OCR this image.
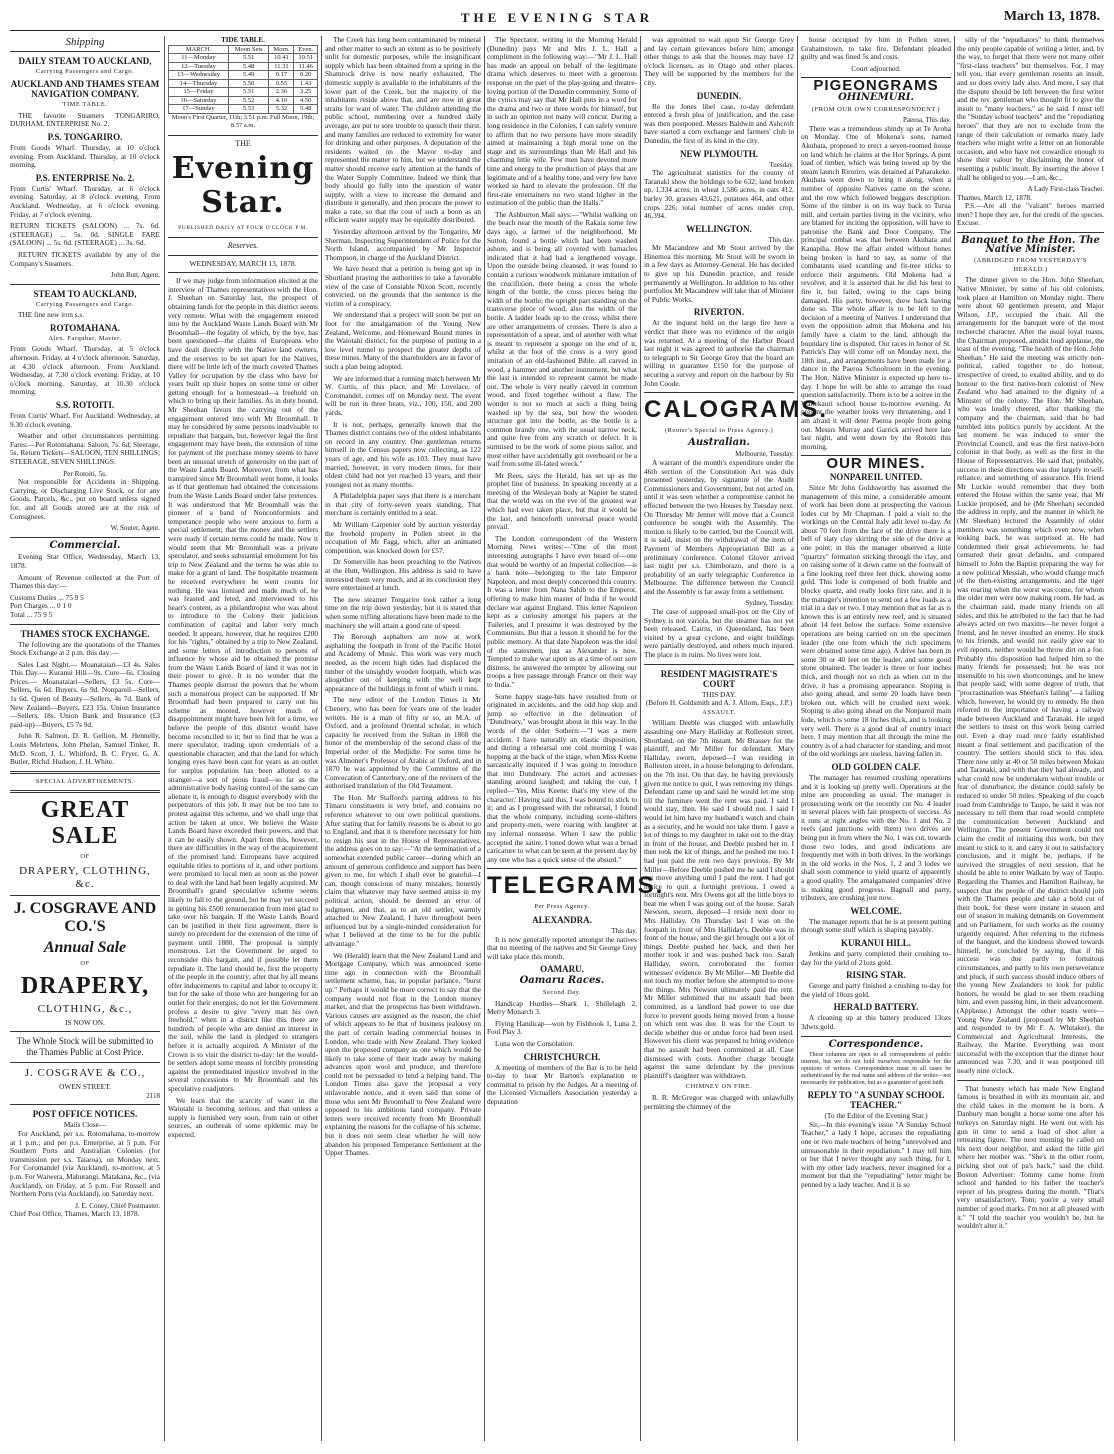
THE EVENING STAR	March 13, 1878.
Shipping
DAILY STEAM TO AUCKLAND,
Carrying Passengers and Cargo.
AUCKLAND AND THAMES STEAM NAVIGATION COMPANY.
TIME TABLE.

THE favorite Steamers TONGARIRO, DURHAM, ENTERPRISE No. 2.

P.S. TONGARIRO.

From Goods Wharf. Thursday, at 10 o'clock evening. From Auckland. Thursday, at 10 o'clock morning.

P.S. ENTERPRISE No. 2.

From Curtis' Wharf. Thursday, at 6 o'clock evening. Saturday, at 8 o'clock evening. From Auckland. Wednesday, at 6 o'clock evening. Friday, at 7 o'clock evening.

RETURN TICKETS (SALOON) ... 7s. 6d. (STEERAGE) ... 5s. 0d. SINGLE FARE (SALOON) ... 5s. 0d. (STEERAGE) ... 3s. 6d.

RETURN TICKETS available by any of the Company's Steamers.

John Butt, Agent.
STEAM TO AUCKLAND,
Carrying Passengers and Cargo.

THE fine new iron s.s.

ROTOMAHANA.
Alex. Farquhar, Master.

From Goods Wharf. Thursday, at 5 o'clock afternoon. Friday, at 4 o'clock afternoon. Saturday, at 4.30 o'clock afternoon. From Auckland. Wednesday, at 7.30 o'clock evening. Friday, at 10 o'clock morning. Saturday, at 10.30 o'clock morning.

S.S. ROTOITI.

From Curtis' Wharf. For Auckland. Wednesday, at 9.30 o'clock evening.

Weather and other circumstances permitting. Fares:—Per Rotomahana: Saloon, 7s. 6d; Steerage, 5s. Return Tickets—SALOON, TEN SHILLINGS; STEERAGE, SEVEN SHILLINGS.

Per Rotoiti, 5s.

Not responsible for Accidents in Shipping, Carrying, or Discharging Live Stock, or for any Goods, Parcels, &c., put on board unless signed for, and all Goods stored are at the risk of Consignees.

W. Souter, Agent.
Commercial.

Evening Star Office, Wednesday, March 13, 1878.

Amount of Revenue collected at the Port of Thames this day:—

Customs Duties ... 75 9 5
Port Charges ... 0 1 0
Total ... 75 9 5
THAMES STOCK EXCHANGE.

The following are the quotations of the Thames Stock Exchange at 2 p.m. this day:—

Sales Last Night.— Moanataiari—£3 4s. Sales This Day.— Kuranui Hill—9s. Cure—6s. Closing Prices.— Moanataiari—Sellers, £3 5s. Cure—Sellers, 6s 6d. Buyers, 6s 9d. Nonpareil—Sellers, 1s 6d. Queen of Beauty—Sellers, 4s 7d. Bank of New Zealand—Buyers, £23 15s. Union Insurance—Sellers, 18s. Union Bank and Insurance (£3 paid-up)—Buyers, £5 7s 9d.

John R. Salmon, D. R. Gellion, M. Hennelly, Louis Mehrtens, John Phelan, Samuel Tinker, R. McD. Scott, J. L. Whitford, B. C. Fryer, G. A. Butler, Richd. Hudson, J. H. White.

SPECIAL ADVERTISEMENTS.
GREAT SALE
OF
DRAPERY, CLOTHING, &c.
J. COSGRAVE AND CO.'S
Annual Sale
OF
DRAPERY,
CLOTHING, &c.,
IS NOW ON.

The Whole Stock will be submitted to the Thames Public at Cost Price.

J. COSGRAVE & CO.,
OWEN STREET.
2118
POST OFFICE NOTICES.
Mails Close—

For Auckland, per s.s. Rotomahana, to-morrow at 1 p.m.; and per p.s. Enterprise, at 5 p.m. For Southern Ports and Australian Colonies (for transmission per s.s. Taiaroa), on Monday next. For Coromandel (via Auckland), to-morrow, at 5 p.m. For Waiwera, Mahurangi, Matakana, &c., (via Auckland), on Friday, at 5 p.m. For Russell and Northern Ports (via Auckland), on Saturday next.

J. E. Coney, Chief Postmaster.
Chief Post Office, Thames, March 13, 1878.
TIDE TABLE.
MARCH.	Moon Sets	Morn.	Even.
11—Monday	5.51	10.41	10.51
12—Tuesday	5.48	11.31	11.46
13—Wednesday	5.49	0.17	0.20
14—Thursday	5.50	0.55	1.43
15—Friday	5.51	2.36	3.25
16—Saturday	5.52	4.10	4.50
17—Sunday	5.53	5.32	5.48
Moon's First Quarter, 11th; 3.51 p.m. Full Moon, 19th; 8.57 a.m.
THE
Evening Star.
PUBLISHED DAILY AT FOUR O'CLOCK P.M.
Reserves.
WEDNESDAY, MARCH 13, 1878.

If we may judge from information elicited at the interview of Thames representatives with the Hon. J. Sheehan on Saturday last, the prospect of obtaining lands for the people in this district seems very remote. What with the engagement entered into by the Auckland Waste Lands Board with Mr Broomhall—the legality of which, by the bye, has been questioned—the claims of Europeans who have dealt directly with the Native land owners, and the reserves to be set apart for the Natives, there will be little left of the much coveted Thames Valley for occupation by the class who have for years built up their hopes on some time or other getting enough for a homestead—a freehold on which to bring up their families. As in duty bound, Mr Sheehan favors the carrying out of the engagement entered into with Mr Broomhall. It may be considered by some persons inadvisable to repudiate that bargain, but, however legal the first engagement may have been, the extension of time for payment of the purchase money seems to have been an unusual stretch of generosity on the part of the Waste Lands Board. Moreover, from what has transpired since Mr Broomhall went home, it looks as if that gentleman had obtained the concessions from the Waste Lands Board under false pretences. It was understood that Mr Broomhall was the pioneer of a band of Nonconformists and temperance people who were anxious to form a special settlement; that the money and the settlers were ready if certain terms could be made. Now it would seem that Mr Broomhall was a private speculator, and seeks substantial emolument for his trip to New Zealand and the terms he was able to make for a grant of land. The hospitable treatment he received everywhere he went counts for nothing. He was lionised and made much of, he was feasted and feted, and interviewed to his heart's content, as a philanthropist who was about to introduce to the Colony their judicious combination of capital and labor very much needed. It appears, however, that he requires £200 for his "rights," obtained by a trip to New Zealand, and some letters of introduction to persons of influence by whose aid he obtained the promise from the Waste Lands Board of land it was not in their power to give. It is no wonder that the Thames people distrust the powers that he whom such a monstrous project can be supported. If Mr Broomhall had been prepared to carry out his scheme as mooted, however much of disappointment might have been felt for a time, we believe the people of this district would have become reconciled to it; but to find that he was a mere speculator, trading upon credentials of a questionable character; and that the land for which longing eyes have been cast for years as an outlet for surplus population has been allotted to a stranger—a sort of pious fraud—so far as the administrative body having control of the same can alienate it, is enough to disgust everybody with the perpetrators of this job. It may not be too late to protest against this scheme, and we shall urge that action be taken at once. We believe the Waste Lands Board have exceeded their powers, and that it can be easily shown. Apart from this, however, there are difficulties in the way of the acquirement of the promised land. Europeans have acquired equitable titles to portions of it, and other portions were promised to local men as soon as the power to deal with the land had been legally acquired. Mr Broomhall's grand speculative scheme seems likely to fall to the ground, but he may yet succeed in getting his £500 remuneration from men glad to take over his bargain. If the Waste Lands Board can be justified in their first agreement, there is surely no precedent for the extension of the time of payment until 1880. The proposal is simply monstrous. Let the Government be urged to reconsider this bargain, and if possible let them repudiate it. The land should be, first the property of the people in the country; after that by all means offer inducements to capital and labor to occupy it; but for the sake of those who are hungering for an outlet for their energies, do not let the Government profess a desire to give "every man his own freehold," when in a district like this there are hundreds of people who are denied an interest in the soil, while the land is pledged to strangers before it is actually acquired. A Minister of the Crown is to visit the district to-day: let the would-be settlers adopt some means of forcibly protesting against the premeditated injustice involved in the several concessions to Mr Broomhall and his speculative coadjutors.

We learn that the scarcity of water in the Waiotahi is becoming serious, and that unless a supply is furnished very soon, from rain or other sources, an outbreak of some epidemic may be expected.

The Creek has long been contaminated by mineral and other matter to such an extent as to be positively unfit for domestic purposes, while the insignificant supply which has been obtained from a spring in the Shamrock drive is now nearly exhausted. The domestic supply is available to the inhabitants of the lower part of the Creek, but the majority of the inhabitants reside above that, and are now in great straits for want of water. The children attending the public school, numbering over a hundred daily average, are put to sore trouble to quench their thirst, and many families are reduced to extremity for water for drinking and other purposes. A deputation of the residents waited on the Mayor to-day and represented the matter to him, but we understand the matter should receive early attention at the hands of the Water Supply Committee. Indeed we think that body should go fully into the question of water supply, with a view to increase the demand and distribute it generally, and then procure the power to make a rate, so that the cost of such a boon as an efficient water supply may be equitably distributed.

Yesterday afternoon arrived by the Tongariro, Mr Sherman, Inspecting Superintendent of Police for the North Island, accompanied by Mr Inspector Thompson, in charge of the Auckland District.

We have heard that a petition is being got up in Shortland praying the authorities to take a favorable view of the case of Constable Nixon Scott, recently convicted, on the grounds that the sentence is the victim of a conspiracy.

We understand that a project will soon be put on foot for the amalgamation of the Young New Zealand, Welcome, and Homeward Bound mines in the Waiotahi district, for the purpose of putting in a low level tunnel to prospect the greater depths of these mines. Many of the shareholders are in favor of such a plan being adopted.

We are informed that a running match between Mr W. Curtis, of this place, and Mr Lovelace, of Coromandel, comes off on Monday next. The event will be run in three heats, viz., 100, 150, and 200 yards.

It is not, perhaps, generally known that the Thames district contains two of the oldest inhabitants on record in any country. One gentleman returns himself in the Census papers now collecting, as 122 years of age, and his wife as 103. They must have married, however, in very modern times, for their oldest child had not yet reached 13 years, and their youngest not as many months.

A Philadelphia paper says that there is a merchant in that city of forty-seven years standing. That merchant is certainly entitled to a seat.

Mr William Carpenter sold by auction yesterday the freehold property in Pollen street in the occupation of Mr Fagg, which, after an animated competition, was knocked down for £57.

Dr Somerville has been preaching to the Natives at the Hutt, Wellington. His address is said to have interested them very much, and at its conclusion they were entertained at lunch.

The new steamer Tongariro took rather a long time on the trip down yesterday, but it is stated that when some trifling alterations have been made to the machinery she will attain a good rate of speed.

The Borough asphalters are now at work asphalting the footpath in front of the Pacific Hotel and Academy of Music. This work was very much needed, as the recent high tides had displaced the timber of the unsightly wooden footpath, which was altogether out of keeping with the well kept appearance of the buildings in front of which it runs.

The new editor of the London Times is Mr Chenery, who has been for years one of the leader writers. He is a man of fifty or so, an M.A. of Oxford, and a profound Oriental scholar, in which capacity he received from the Sultan in 1868 the honor of the membership of the second class of the Imperial order of the Medjidie. For some time he was Almoner's Professor of Arabic at Oxford, and in 1870 he was appointed by the Committee of the Convocation of Canterbury, one of the revisers of the authorised translation of the Old Testament.

The Hon. Mr Stafford's parting address to his Timaru constituents is very brief, and contains no reference whatever to our own political questions. After stating that for family reasons he is about to go to England, and that it is therefore necessary for him to resign his seat in the House of Representatives, the address goes on to say:—"At the termination of a somewhat extended public career—during which an amount of generous confidence and support has been given to me, for which I shall ever be grateful—I can, though conscious of many mistakes, honestly claim that whatever may have seemed amiss in my political action, should be deemed an error of judgment, and that, as to an old settler, warmly attached to New Zealand, I have throughout been influenced but by a single-minded consideration for what I believed at the time to be for the public advantage."

We (Herald) learn that the New Zealand Land and Mortgage Company, which was announced some time ago in connection with the Broomhall settlement scheme, has, in popular parlance, "burst up." Perhaps it would be more correct to say that the company would not float in the London money market, and that the prospectus has been withdrawn. Various causes are assigned as the reason, the chief of which appears to be that of business jealousy on the part of certain leading commercial houses in London, who trade with New Zealand. They looked upon the proposed company as one which would be likely to take some of their trade away by making advances upon wool and produce, and therefore could not be persuaded to lend a helping hand. The London Times also gave the proposal a very unfavorable notice, and it even said that some of those who sent Mr Broomhall to New Zealand were opposed to his ambitious land company. Private letters were received recently from Mr Broomhall explaining the reasons for the collapse of his scheme, but it does not seem clear whether he will now abandon his proposed Temperance Settlement at the Upper Thames.

The Spectator, writing in the Morning Herald (Dunedin) pays Mr and Mrs J. L. Hall a compliment in the following way:—"Mr J. L. Hall has made an appeal on behalf of the legitimate drama which deserves to meet with a generous response on the part of the play-going and theatre-loving portion of the Dunedin community. Some of the cynics may say that Mr Hall puts in a word for the drama and two or three words for himself, but in such an opinion not many will concur. During a long residence in the Colonies, I can safely venture to affirm that no two persons have more steadily aimed at maintaining a high moral tone on the stage and its surroundings than Mr Hall and his charming little wife. Few men have devoted more time and energy to the production of plays that are legitimate and of a healthy tone, and very few have worked so hard to elevate the profession. Of the first-rate entertainers no two stand higher in the estimation of the public than the Halls."

The Ashburton Mail says:—"Whilst walking on the beach near the mouth of the Rakaia some few days ago, a farmer of the neighborhood, Mr Sutton, found a bottle which had been washed ashore, and is being all covered with barnacles indicated that it had had a lengthened voyage. Upon the outside being cleansed, it was found to contain a curious woodwork miniature imitation of the crucifixion, there being a cross the whole length of the bottle, the cross pieces being the width of the bottle; the upright part standing on the transverse piece of wood, also the width of the bottle. A ladder leads up to the cross, whilst there are other arrangements of crosses. There is also a representation of a spear, and of another with what is meant to represent a sponge on the end of it, whilst at the foot of the cross is a very good imitation of an old-fashioned Bible, all carved in wood, a hammer and another instrument, but what the last is intended to represent cannot be made out. The whole is very neatly carved in common wood, and fixed together without a flaw. The wonder is not so much at such a thing being washed up by the sea, but how the wooden structure got into the bottle, as the bottle is a common brandy one, with the usual narrow neck, and quite free from any scratch or defect. It is surmised to be the work of some pious sailor, and most either have accidentally got overboard or be a waif from some ill-fated wreck."

Mr Rees, says the Herald, has set up as the prophet line of business. In speaking recently at a meeting of the Wesleyan body at Napier he stated that the world was on the eve of the greatest war which had ever taken place, but that it would be the last, and henceforth universal peace would prevail.

The London correspondent of the Western Morning News writes:—"One of the most interesting autographs I have ever heard of—one that would be worthy of an imperial collection—is a bank note—belonging to the late Emperor Napoleon, and most deeply concerned this country. It was a letter from Nana Sahib to the Emperor, offering to make him master of India if he would declare war against England. This letter Napoleon kept as a curiosity amongst his papers at the Tuileries, and I presume it was destroyed by the Communists. But that a lesson it should be for the public memory. At that date Napoleon was the idol of the statesmen, just as Alexander is now. Tempted to make war upon us at a time of our sore distress, he answered the tempter by allowing our troops a free passage through France on their way to India."

Some happy stage-hits have resulted from or originated in accidents, and the odd hop skip and jump so effective in the delineation of "Dundreary," was brought about in this way. In the words of the older Sothern:—"I was a mere accident. I have naturally an elastic disposition, and during a rehearsal one cold morning I was hopping at the back of the stage, when Miss Keene sarcastically inquired if I was going to introduce that into Dundreary. The actors and actresses standing around laughed; and taking the cue, I replied—'Yes, Miss Keene; that's my view of the character.' Having said this, I was bound to stick to it; and as I progressed with the rehearsal, I found that the whole company, including scene-shifters and property-men, were roaring with laughter at my infernal nonsense. When I saw the public accepted the satire, I toned down what was a broad caricature to what can be seen at the present day by any one who has a quick sense of the absurd."

TELEGRAMS.
Per Press Agency.
ALEXANDRA.
This day.

It is now generally reported amongst the natives that no meeting of the natives and Sir George Grey will take place this month.

OAMARU.
Oamaru Races.
Second Day.

Handicap Hurdles—Shark 1, Shillelagh 2, Merry Monarch 3.

Flying Handicap—won by Fishhook 1, Luna 2, Foul Play 3.

Luna won the Consolation.

CHRISTCHURCH.

A meeting of members of the Bar is to be held to-day to hear Mr Barton's explanation re committal to prison by the Judges. At a meeting of the Licensed Victuallers Association yesterday a deputation

was appointed to wait upon Sir George Grey and lay certain grievances before him; amongst other things to ask that the houses may have 12 o'clock licenses, as in Otago and other places. They will be supported by the members for the city.

DUNEDIN.

Re the Jones libel case, to-day defendant entered a fresh plea of justification, and the case was then postponed. Messrs Baldwin and Ashcroft have started a corn exchange and farmers' club in Dunedin, the first of its kind in the city.

NEW PLYMOUTH.
Tuesday.

The agricultural statistics for the county of Taranaki show the holdings to be 632; land broken up, 1,334 acres; in wheat 1,586 acres, in oats 412, barley 30, grasses 43,621, potatoes 464, and other crops 226; total number of acres under crop, 46,394.

WELLINGTON.
This day.

Mr Macandrew and Mr Stout arrived by the Hinemoa this morning. Mr Stout will be sworn in in a few days as Attorney-General. He has decided to give up his Dunedin practice, and reside permanently at Wellington. In addition to his other portfolios Mr Macandrew will take that of Minister of Public Works.

RIVERTON.

At the inquest held on the large fire here a verdict that there was no evidence of the origin was returned. At a meeting of the Harbor Board last night it was agreed to authorise the chairman to telegraph to Sir George Grey that the board are willing to guarantee £150 for the purpose of securing a survey and report on the harbour by Sir John Coode.

CALOGRAMS.
(Reuter's Special to Press Agency.)
Australian.
Melbourne, Tuesday.

A warrant of the month's expenditure under the 46th section of the Constitution Act was duly presented yesterday, by signature of the Audit Commissioners and Government, but not acted on, until it was seen whether a compromise cannot be effected between the two Houses by Tuesday next. On Thursday Mr Jenner will move that a Council conference be sought with the Assembly. The motion is likely to be carried, but the Council will, it is said, insist on the withdrawal of the item of Payment of Members Appropriation Bill as a preliminary conference. Colonel Glover arrived last night per s.s. Chimborazo, and there is a probability of an early telegraphic Conference in Melbourne. The difference between the Council and the Assembly is far away from a settlement.

Sydney, Tuesday.

The case of supposed small-pox on the City of Sydney is not variola, but the steamer has not yet been released. Cairns, in Queensland, has been visited by a great cyclone, and eight buildings were partially destroyed, and others much injured. The place is in ruins. No lives were lost.

RESIDENT MAGISTRATE'S COURT
THIS DAY.
(Before H. Goldsmith and A. J. Allom, Esqs., J.P.)
ASSAULT.

William Deeble was charged with unlawfully assaulting one Mary Halliday at Rolleston street, Shortland, on the 7th instant. Mr Brassey for the plaintiff, and Mr Miller for defendant. Mary Halliday, sworn, deposed—I was residing in Rolleston street, in a house belonging to defendant, on the 7th inst. On that day, he having previously given me notice to quit, I was removing my things. Defendant came up and said he would let me stop till the furniture went the rent was paid. I said I would stay, then. He said I should not. I said I would let him have my husband's watch and chain as a security, and he would not take them. I gave a lot of things to my daughter to take out to the dray in front of the house, and Deeble pushed her in. I then took the kit of things, and he pushed me too. I had just paid the rent two days previous. By Mr Miller—Before Deeble pushed me he said I should not move anything until I paid the rent. I had got notice to quit a fortnight previous. I owed a fortnight's rent. Mrs Owens got all the little boys to beat me when I was going out of the house. Sarah Newson, sworn, deposed—I reside next door to Mrs Halliday. On Thursday last I was on the footpath in front of Mrs Halliday's. Deeble was in front of the house, and the girl brought out a lot of things. Deeble pushed her back, and then her mother took it and was pushed back too. Sarah Halliday, sworn, corroborated the former witnesses' evidence. By Mr Miller—Mr Deeble did not touch my mother before she attempted to move the things. Mrs Newson ultimately paid the rent. Mr Miller submitted that no assault had been committed, as a landlord had power to use due force to prevent goods being moved from a house on which rent was due. It was for the Court to decide whether due or undue force had been used. However his client was prepared to bring evidence that no assault had been committed at all. Case dismissed with costs. Another charge brought against the same defendant by the previous plaintiff's daughter was withdrawn.

CHIMNEY ON FIRE.

R. R. McGregor was charged with unlawfully permitting the chimney of the

house occupied by him in Pollen street, Grahamstown, to take fire. Defendant pleaded guilty and was fined 5s and costs.

Court adjourned.
PIGEONGRAMS
OHINEMURI.
(FROM OUR OWN CORRESPONDENT.)
Paeroa, This day.

There was a tremendous shindy up at Te Aroha on Monday. One of Mokena's sons, named Akuhata, proposed to erect a seven-roomed house on land which he claims at the Hot Springs. A punt load of timber, which was being towed up by the steam launch Riroriro, was detained at Paharakeke. Akuhata went down to bring it along, when a number of opposite Natives came on the scene, and the row which followed beggars description. Some of the timber is on its way back to Turua mill, and certain parties living in the vicinity, who are blamed for inciting the opposition, will have to patronise the Bank and Door Company. The principal combat was that between Akuhata and Kanapiha. How the affair ended without bones being broken is hard to say, as some of the combatants used scantling and fit-tree sticks to enforce their arguments. Old Mokena had a revolver, and it is asserted that he did his best to fire it, but failed, owing to the caps being damaged. His party, however, drew back having done so. The whole affair is to be left to the decision of a meeting of Natives. I understand that even the opposition admit that Mokena and his family have a claim to the land, although the boundary line is disputed. Our races in honor of St. Patrick's Day will come off on Monday next, the 18th inst., and arrangements have been made for a dance in the Paeroa Schoolroom in the evening. The Hon. Native Minister is expected up here to-day. I hope he will be able to arrange the road question satisfactorily. There is to be a soiree in the Waitekauri school house to-morrow evening. At present the weather looks very threatening, and I am afraid it will deter Paeroa people from going out. Messrs Murray and Garrick arrived here late last night, and went down by the Rotoiti this morning.

OUR MINES.
NONPAREIL UNITED.

Since Mr John Goldsworthy has assumed the management of this mine, a considerable amount of work has been done at prospecting the various lodes cut by Mr Chapman. I paid a visit to the workings on the Central Italy adit level to-day. At about 70 feet from the face of the drive there is a bell of slaty clay skirting the side of the drive at one point; in this the manager observed a little "quartzy" formation sticking through the clay, and on raising some of it down came on the footwall of a fine looking reef three feet thick, showing some gold. This lode is composed of both friable and blocky quartz, and really looks first rate, and it is the manager's intention to send out a few loads as a trial in a day or two. I may mention that as far as is known this is an entirely new reef, and is situated about 14 feet below the surface. Some extensive operations are being carried on on the specimen leader (the one from which the rich specimens were obtained some time ago). A drive has been in some 30 or 40 feet on the leader, and some good stone obtained. The leader is three or four inches thick, and though not so rich as when cut in the drive, it has a promising appearance. Stoping is also going ahead, and some 20 loads have been broken out, which will be crushed next week. Stoping is also going ahead on the Nonpareil main lode, which is some 18 inches thick, and is looking very well. There is a good deal of country intact here. I may mention that all through the mine the country is of a bad character for standing, and most of the old workings are useless, having fallen in.

OLD GOLDEN CALF.

The manager has resumed crushing operations and it is looking up pretty well. Operations at the mine are proceeding as usual. The manager is prosecuting work on the recently cut No. 4 leader in several places with fair prospects of success. As it runs at right angles with the No. 1 and No. 2 reefs (and junctions with them) two drives are being put in from where the No. 1 was cut, towards those two lodes, and good indications are frequently met with in both drives. In the workings in the old works in the Nos. 1, 2 and 3 lodes we shall soon commence to yield quartz of apparently a good quality. The amalgamated companies' drive is making good progress. Bagnall and party, tributers, are crushing just now.

WELCOME.

The manager reports that he is at present putting through some stuff which is shaping payably.

KURANUI HILL.

Jenkins and party completed their crushing to-day for the yield of 21ozs gold.

RISING STAR.

George and party finished a crushing to-day for the yield of 10ozs gold.

HERALD BATTERY.

A cleaning up at this battery produced 13ozs 3dwts gold.

Correspondence.

These columns are open to all correspondents of public interest, but we do not hold ourselves responsible for the opinions of writers. Correspondence must in all cases be authenticated by the real name and address of the writer—not necessarily for publication, but as a guarantee of good faith.

REPLY TO "A SUNDAY SCHOOL TEACHER."
(To the Editor of the Evening Star.)

Sir,—In this evening's issue "A Sunday School Teacher," a lady I hope, accuses the repudiating one or two male teachers of being "unrevolved and unreasonable in their repudiation." I may tell him or her that I never thought any such thing, for I, with my other lady teachers, never imagined for a moment but that the "repudiating" letter might be penned by a lady teacher. And it is so

silly of the "repudiators" to think themselves the only people capable of writing a letter, and, by the way, to forget that there were not many other "first-class teachers" but themselves. For, I may tell you, that every gentleman resents an insult, and so does every lady also. And more, I say that the dispute should be left between the first writer and the rev. gentleman who thought fit to give the insult to "many teachers," as he said. I must tell the "Sunday school teachers" and the "repudiating heroes" that they are not to exclude from the range of their calculation or remarks many lady teachers who might write a letter on an honorable occasion, and who have not cowardice enough to show their valour by disclaiming the honor of resenting a public insult. By inserting the above I shall be obliged to you.—I am, &c.,

A Lady First-class Teacher.
Thames, March 12, 1878.

P.S.—Are all the "valiant" heroes married men? I hope they are, for the credit of the species. Excuse.

Banquet to the Hon. The Native Minister.
(ABRIDGED FROM YESTERDAY'S HERALD.)

The dinner given to the Hon. John Sheehan, Native Minister, by some of his old colonists, took place at Hamilton on Monday night. There were about 60 gentlemen present, and Major Wilson, J.P., occupied the chair. All the arrangements for the banquet were of the most recherché character. After the usual loyal toasts, the Chairman proposed, amidst loud applause, the toast of the evening, "The health of the Hon. John Sheehan." He said the meeting was strictly non-political, called together to do honour, irrespective of creed, to exalted ability, and to do honour to the first native-born colonist of New Zealand who had attained to the dignity of a Minister of the colony. The Hon. Mr Sheehan, who was loudly cheered, after thanking the company and the chairman, said that he had tumbled into politics purely by accident. At the last moment he was induced to enter the Provincial Council, and was the first native-born colonist in that body, as well as the first in the House of Representatives. He said that, probably, success in these directions was due largely to self-reliance, and something of assurance. His friend Mr Luckie would remember that they both entered the House within the same year, that Mr Luckie proposed, and he (Mr Sheehan) seconded the address in reply, and the manner in which he (Mr Sheehan) lectured the Assembly of older members was something which even now, when looking back, he was surprised at. He had condemned their great achievements, he had censured their great defaults, and compared himself to John the Baptist preparing the way for a new political Messiah, who would change much of the then-existing arrangements, and the tiger was roaring when the worst was come, for whom the older men were now making room. He had, as the chairman said, made many friends on all sides, and this he attributed to the fact that he had always acted on two maxims—he never forgot a friend, and he never insulted an enemy. He stuck to his friends, and would not easily give ear to evil reports, neither would he throw dirt on a foe. Probably this disposition had helped him to the many friends he possessed; but he was not insensible to his own shortcomings, and he knew that people said, with some degree of truth, that "procrastination was Sheehan's failing"—a failing which, however, he would try to remedy. He then referred to the importance of having a railway made between Auckland and Taranaki. He urged the settlers to insist on this work being carried out. Even a dray road once fairly established meant a final settlement and pacification of the country. The settlers should stick to this idea. There now only at 40 or 50 miles between Mokau and Taranaki, and with that they had already, and what could now be undertaken without trouble or fear of disturbance, the distance could safely be reduced to under 50 miles. Speaking of the coach road from Cambridge to Taupo, he said it was not necessary to tell them that road would complete the communication between Auckland and Wellington. The present Government could not claim the credit of initiating this work, but they meant to stick to it, and carry it out to satisfactory conclusion, and it might be, perhaps, if he survived the struggles of next session, that he should be able to enter Waikato by way of Taupo. Regarding the Thames and Hamilton Railway, he suspect that the people of the district should join with the Thames people and take a bold cut of their book, for these were instant in season and out of season in making demands on Government and on Parliament, for such works as the country urgently required. After referring to the richness of the banquet, and the kindness showed towards himself, he concluded by saying, that if his success was due partly to fortuitous circumstances, and partly to his own perseverance and pluck, if such success should induce others of the young New Zealanders to look for public honors, he would be glad to see them reaching him, and even passing him, in their advancement. (Applause.) Amongst the other toasts were—Young New Zealand (proposed by Mr Sheehan and responded to by Mr F. A. Whitaker), the Commercial and Agricultural Interests, the Railway, the Marine. Everything was most successful with the exception that the dinner hour announced was 7.30, and it was postponed till nearly nine o'clock.

That honesty which has made New England famous is breathed in with its mountain air, and the child takes in the moment he is born. A Danbury man bought a horse some one after his turkeys on Saturday night. He went out with his gun in time to send a load of shot after a retreating figure. The next morning he called on his next door neighbor, and asked the little girl where her mother was. "She's in the other room, picking shot out of pa's back," said the child. Boston Advertiser: Tommy came home from school and handed to his father the teacher's report of his progress during the month. "That's very unsatisfactory, Tom; you're a very small number of good marks. I'm not at all pleased with it." "I told the teacher you wouldn't be, but he wouldn't alter it."
